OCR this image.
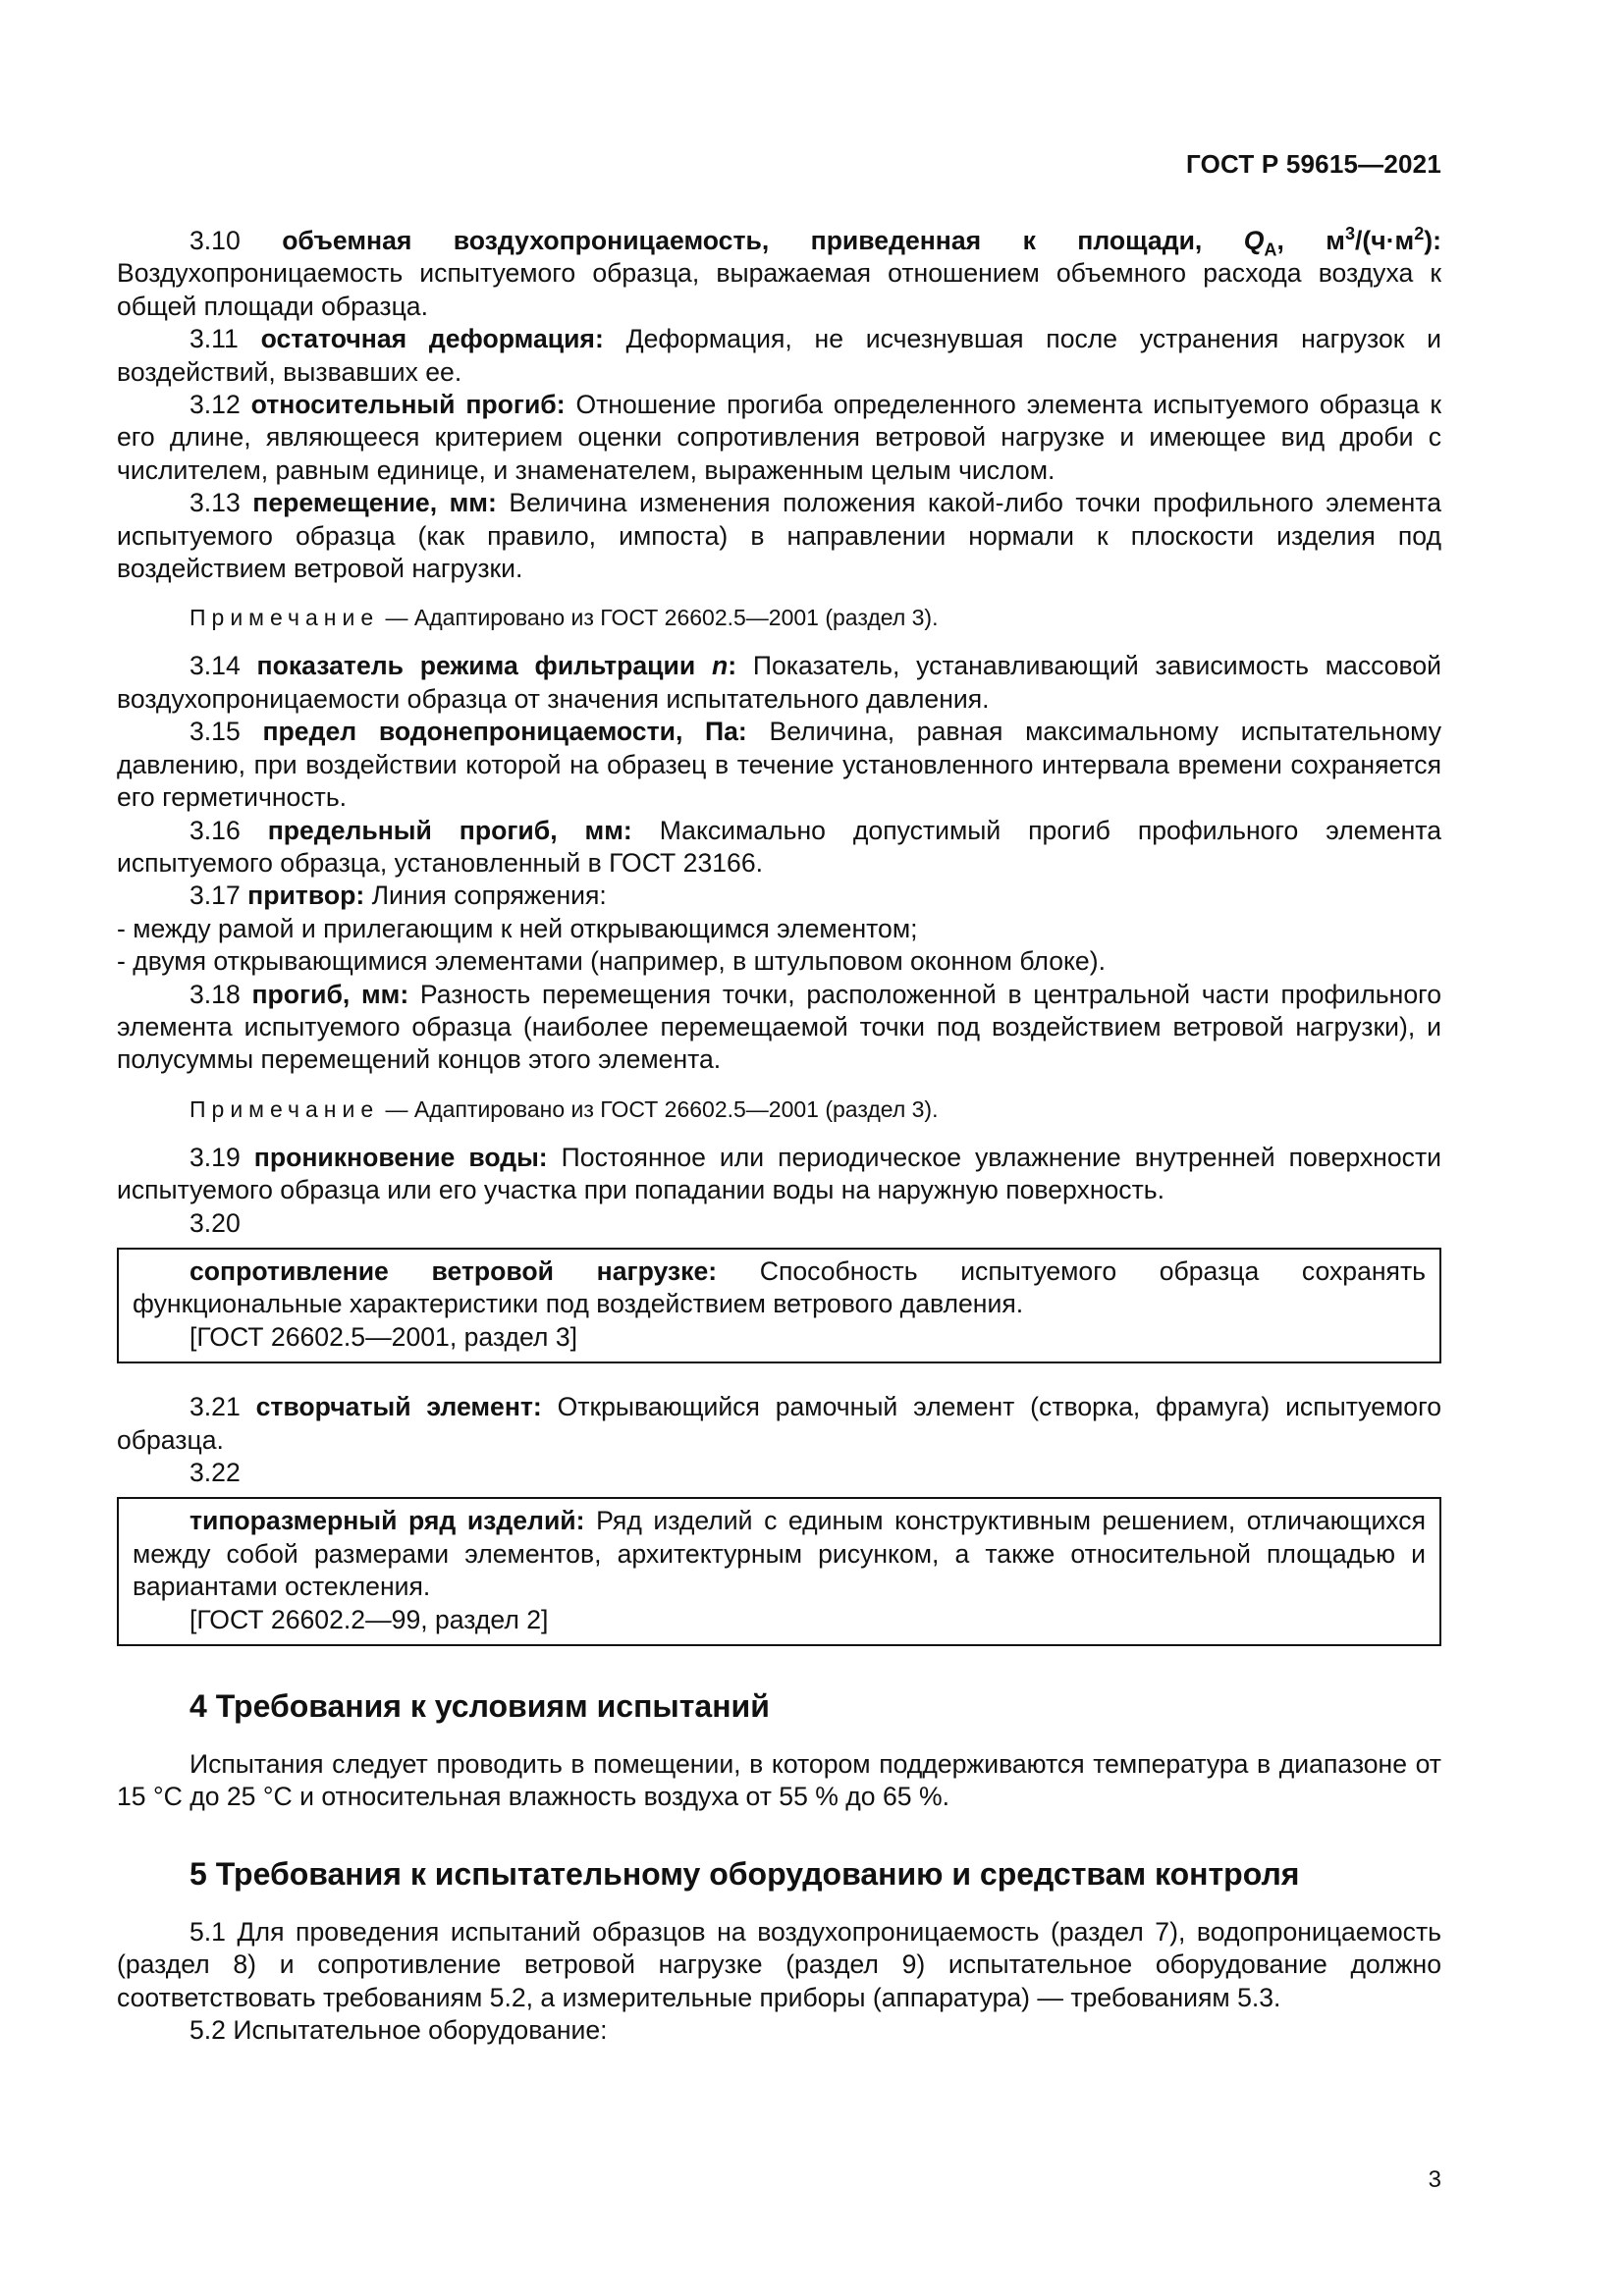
ГОСТ Р 59615—2021

3.10 объемная воздухопроницаемость, приведенная к площади, $Q_A$, $м^3/(ч\cdot м^2)$: Воздухопроницаемость испытуемого образца, выражаемая отношением объемного расхода воздуха к общей площади образца.

3.11 остаточная деформация: Деформация, не исчезнувшая после устранения нагрузок и воздействий, вызвавших ее.

3.12 относительный прогиб: Отношение прогиба определенного элемента испытуемого образца к его длине, являющееся критерием оценки сопротивления ветровой нагрузке и имеющее вид дроби с числителем, равным единице, и знаменателем, выраженным целым числом.

3.13 перемещение, мм: Величина изменения положения какой-либо точки профильного элемента испытуемого образца (как правило, импоста) в направлении нормали к плоскости изделия под воздействием ветровой нагрузки.

Примечание — Адаптировано из ГОСТ 26602.5—2001 (раздел 3).

3.14 показатель режима фильтрации n: Показатель, устанавливающий зависимость массовой воздухопроницаемости образца от значения испытательного давления.

3.15 предел водонепроницаемости, Па: Величина, равная максимальному испытательному давлению, при воздействии которой на образец в течение установленного интервала времени сохраняется его герметичность.

3.16 предельный прогиб, мм: Максимально допустимый прогиб профильного элемента испытуемого образца, установленный в ГОСТ 23166.

3.17 притвор: Линия сопряжения:

- между рамой и прилегающим к ней открывающимся элементом;

- двумя открывающимися элементами (например, в штульповом оконном блоке).

3.18 прогиб, мм: Разность перемещения точки, расположенной в центральной части профильного элемента испытуемого образца (наиболее перемещаемой точки под воздействием ветровой нагрузки), и полусуммы перемещений концов этого элемента.

Примечание — Адаптировано из ГОСТ 26602.5—2001 (раздел 3).

3.19 проникновение воды: Постоянное или периодическое увлажнение внутренней поверхности испытуемого образца или его участка при попадании воды на наружную поверхность.

3.20

сопротивление ветровой нагрузке: Способность испытуемого образца сохранять функциональные характеристики под воздействием ветрового давления.

[ГОСТ 26602.5—2001, раздел 3]

3.21 створчатый элемент: Открывающийся рамочный элемент (створка, фрамуга) испытуемого образца.

3.22

типоразмерный ряд изделий: Ряд изделий с единым конструктивным решением, отличающихся между собой размерами элементов, архитектурным рисунком, а также относительной площадью и вариантами остекления.

[ГОСТ 26602.2—99, раздел 2]

4 Требования к условиям испытаний

Испытания следует проводить в помещении, в котором поддерживаются температура в диапазоне от 15 °С до 25 °С и относительная влажность воздуха от 55 % до 65 %.

5 Требования к испытательному оборудованию и средствам контроля

5.1 Для проведения испытаний образцов на воздухопроницаемость (раздел 7), водопроницаемость (раздел 8) и сопротивление ветровой нагрузке (раздел 9) испытательное оборудование должно соответствовать требованиям 5.2, а измерительные приборы (аппаратура) — требованиям 5.3.

5.2 Испытательное оборудование:

3
